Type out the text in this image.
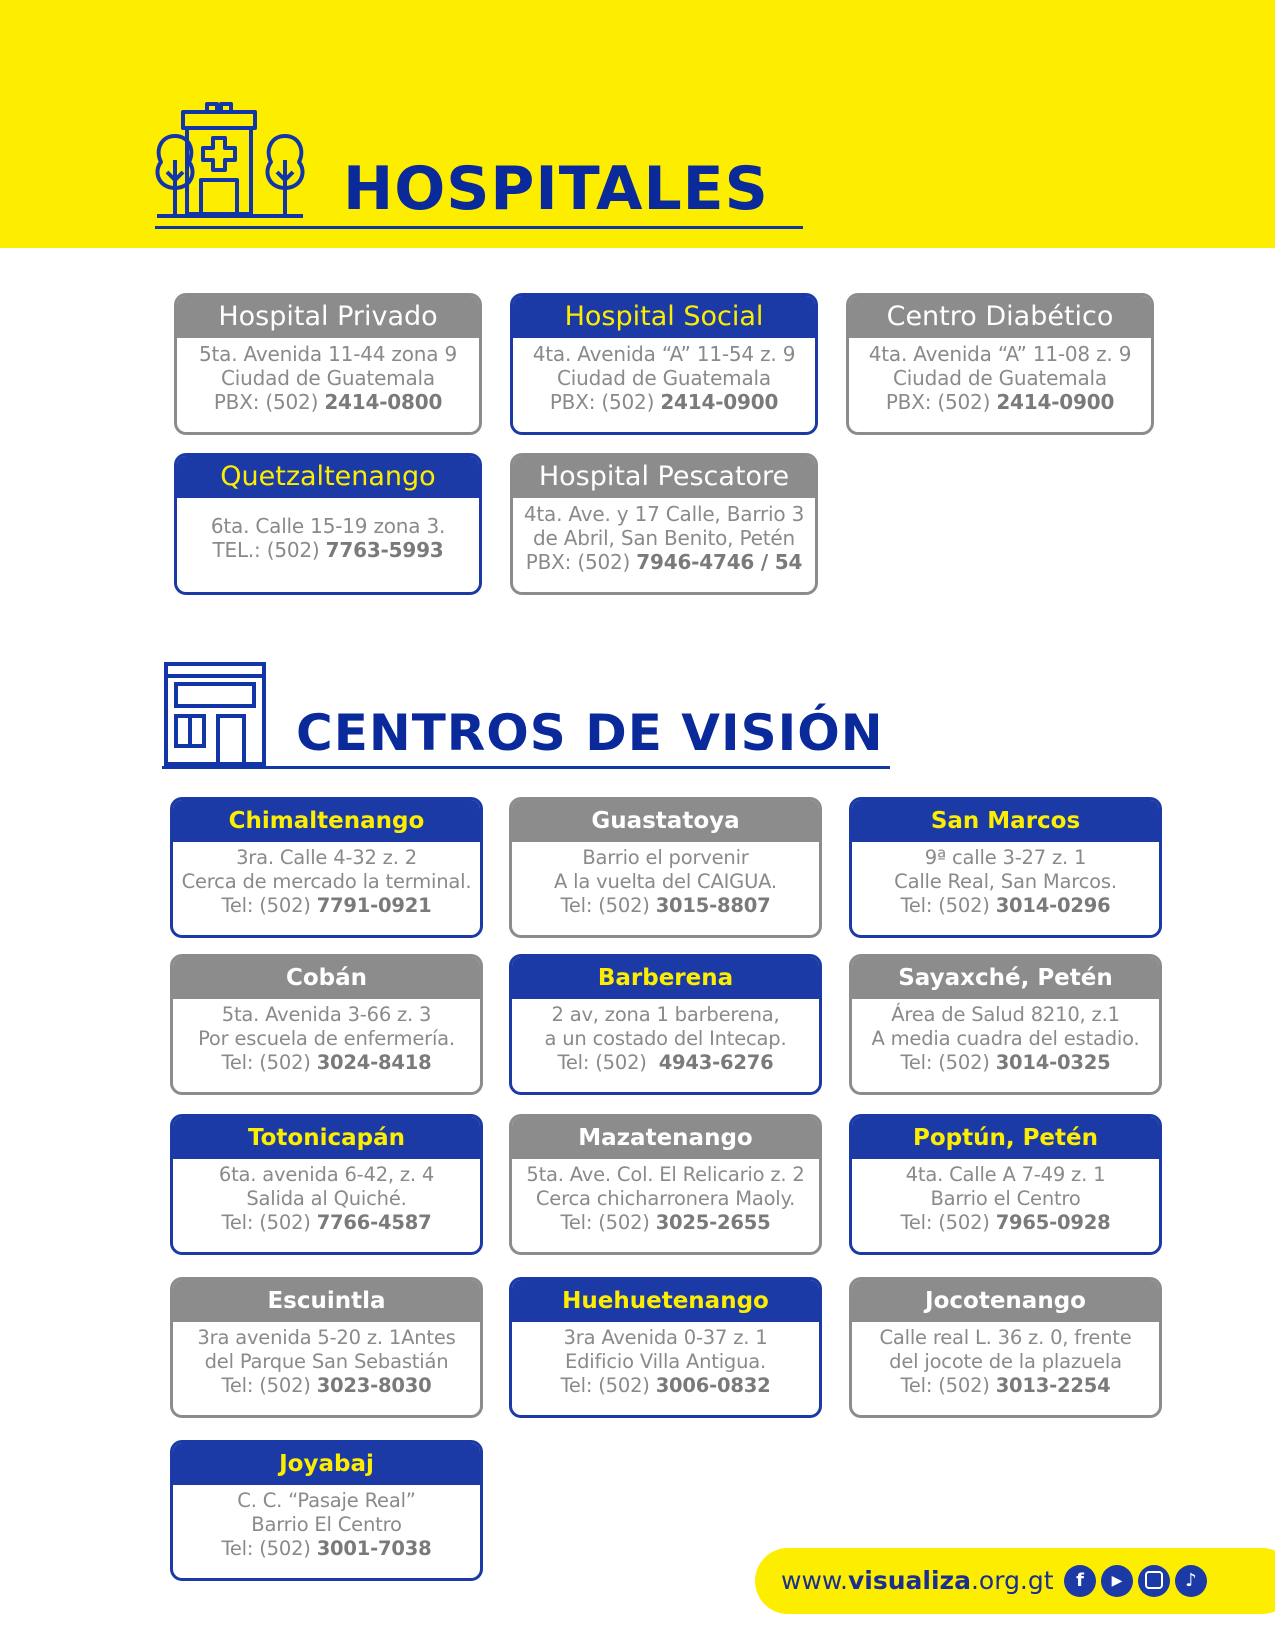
HOSPITALES
Hospital Privado
5ta. Avenida 11-44 zona 9
Ciudad de Guatemala
PBX: (502) 2414-0800
Hospital Social
4ta. Avenida “A” 11-54 z. 9
Ciudad de Guatemala
PBX: (502) 2414-0900
Centro Diabético
4ta. Avenida “A” 11-08 z. 9
Ciudad de Guatemala
PBX: (502) 2414-0900
Quetzaltenango
6ta. Calle 15-19 zona 3.
TEL.: (502) 7763-5993
Hospital Pescatore
4ta. Ave. y 17 Calle, Barrio 3
de Abril, San Benito, Petén
PBX: (502) 7946-4746 / 54
CENTROS DE VISIÓN
Chimaltenango
3ra. Calle 4-32 z. 2
Cerca de mercado la terminal.
Tel: (502) 7791-0921
Guastatoya
Barrio el porvenir
A la vuelta del CAIGUA.
Tel: (502) 3015-8807
San Marcos
9ª calle 3-27 z. 1
Calle Real, San Marcos.
Tel: (502) 3014-0296
Cobán
5ta. Avenida 3-66 z. 3
Por escuela de enfermería.
Tel: (502) 3024-8418
Barberena
2 av, zona 1 barberena,
a un costado del Intecap.
Tel: (502)  4943-6276
Sayaxché, Petén
Área de Salud 8210, z.1
A media cuadra del estadio.
Tel: (502) 3014-0325
Totonicapán
6ta. avenida 6-42, z. 4
Salida al Quiché.
Tel: (502) 7766-4587
Mazatenango
5ta. Ave. Col. El Relicario z. 2
Cerca chicharronera Maoly.
Tel: (502) 3025-2655
Poptún, Petén
4ta. Calle A 7-49 z. 1
Barrio el Centro
Tel: (502) 7965-0928
Escuintla
3ra avenida 5-20 z. 1Antes
del Parque San Sebastián
Tel: (502) 3023-8030
Huehuetenango
3ra Avenida 0-37 z. 1
Edificio Villa Antigua.
Tel: (502) 3006-0832
Jocotenango
Calle real L. 36 z. 0, frente
del jocote de la plazuela
Tel: (502) 3013-2254
Joyabaj
C. C. “Pasaje Real”
Barrio El Centro
Tel: (502) 3001-7038
www.visualiza.org.gt	f	▶	♪
